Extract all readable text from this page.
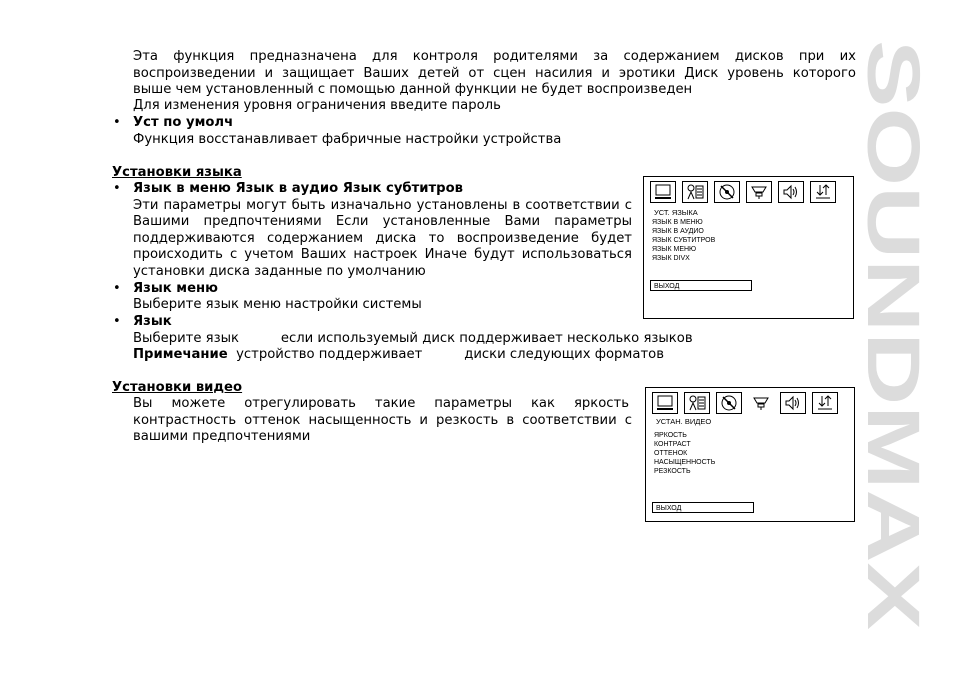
SOUNDMAX
Эта функция предназначена для контроля родителями за содержанием дисков при их
воспроизведении и защищает Ваших детей от сцен насилия и эротики Диск уровень которого
выше чем установленный с помощью данной функции не будет воспроизведен
Для изменения уровня ограничения введите пароль
• Уст по умолч
Функция восстанавливает фабричные настройки устройства
Установки языка
• Язык в меню Язык в аудио Язык субтитров
Эти параметры могут быть изначально установлены в соответствии с
Вашими предпочтениями Если установленные Вами параметры
поддерживаются содержанием диска то воспроизведение будет
происходить с учетом Ваших настроек Иначе будут использоваться
установки диска заданные по умолчанию
• Язык меню
Выберите язык меню настройки системы
• Язык
Выберите язык          если используемый диск поддерживает несколько языков
Примечание  устройство поддерживает          диски следующих форматов
Установки видео
Вы можете отрегулировать такие параметры как яркость
контрастность оттенок насыщенность и резкость в соответствии с
вашими предпочтениями
УСТ. ЯЗЫКА
ЯЗЫК В МЕНЮ
ЯЗЫК В АУДИО
ЯЗЫК СУБТИТРОВ
ЯЗЫК МЕНЮ
ЯЗЫК DIVX
ВЫХОД
УСТАН. ВИДЕО
ЯРКОСТЬ
КОНТРАСТ
ОТТЕНОК
НАСЫЩЕННОСТЬ
РЕЗКОСТЬ
ВЫХОД
